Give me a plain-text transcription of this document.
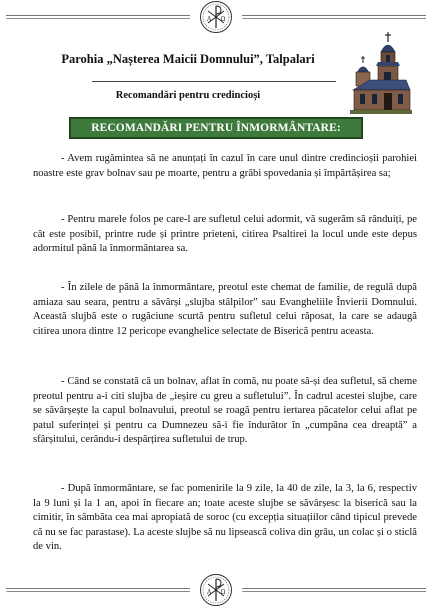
A Ω
Parohia „Nașterea Maicii Domnului”, Talpalari
Recomandări pentru credincioși
RECOMANDĂRI PENTRU ÎNMORMÂNTARE:

- Avem rugămintea să ne anunțați în cazul în care unul dintre credincioșii parohiei noastre este grav bolnav sau pe moarte, pentru a grăbi spovedania și împărtășirea sa;

- Pentru marele folos pe care-l are sufletul celui adormit, vă sugerăm să rânduiți, pe cât este posibil, printre rude și printre prieteni, citirea Psaltirei la locul unde este depus adormitul până la înmormântarea sa.

- În zilele de până la înmormântare, preotul este chemat de familie, de regulă după amiaza sau seara, pentru a săvârși „slujba stâlpilor” sau Evangheliile Învierii Domnului. Această slujbă este o rugăciune scurtă pentru sufletul celui răposat, la care se adaugă citirea unora dintre 12 pericope evanghelice selectate de Biserică pentru aceasta.

- Când se constată că un bolnav, aflat în comă, nu poate să-și dea sufletul, să cheme preotul pentru a-i citi slujba de „ieșire cu greu a sufletului”. În cadrul acestei slujbe, care se săvârșește la capul bolnavului, preotul se roagă pentru iertarea păcatelor celui aflat pe patul suferinței și pentru ca Dumnezeu să-i fie îndurător în „cumpăna cea dreaptă” a sfârșitului, cerându-i despărțirea sufletului de trup.

- După înmormântare, se fac pomenirile la 9 zile, la 40 de zile, la 3, la 6, respectiv la 9 luni și la 1 an, apoi în fiecare an; toate aceste slujbe se săvârșesc la biserică sau la cimitir, în sâmbăta cea mai apropiată de soroc (cu excepția situațiilor când tipicul prevede că nu se fac parastase). La aceste slujbe să nu lipsească coliva din grâu, un colac și o sticlă de vin.

A Ω
